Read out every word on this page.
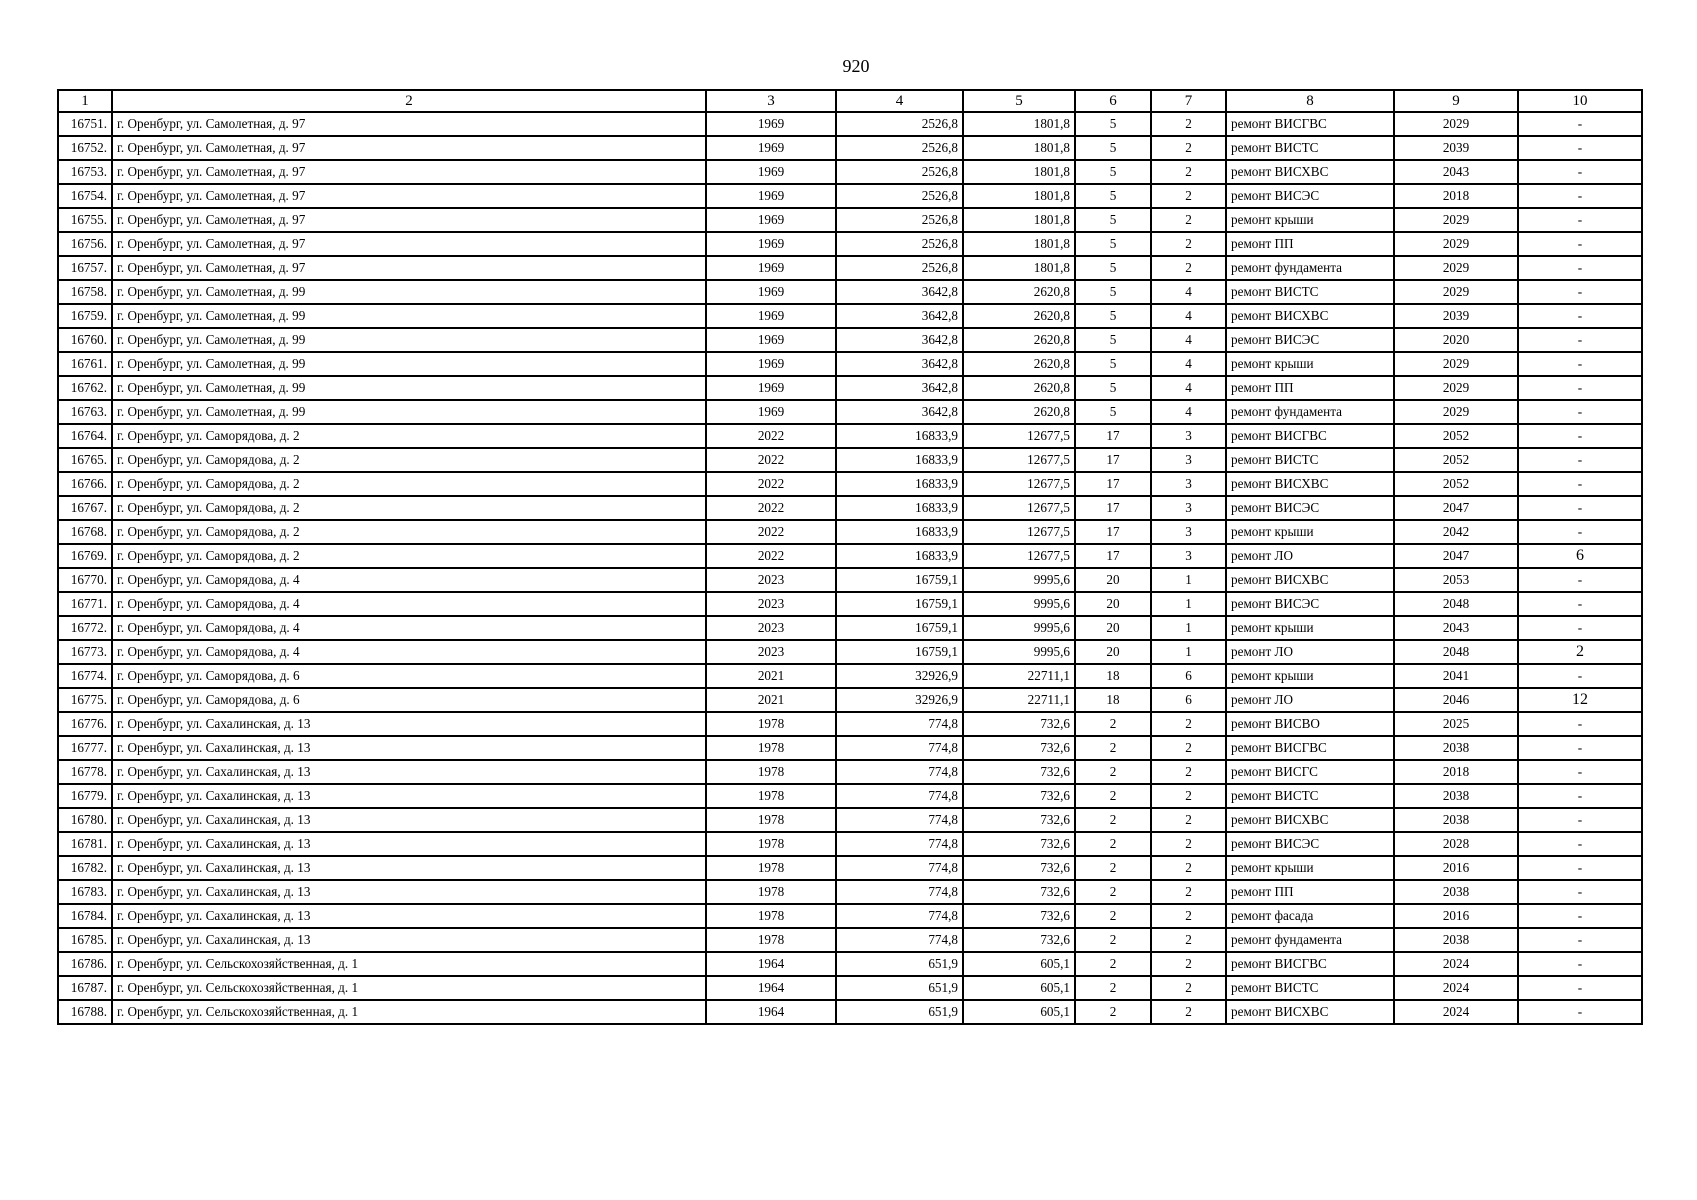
920
1	2	3	4	5	6	7	8	9	10
16751.	г. Оренбург, ул. Самолетная, д. 97	1969	2526,8	1801,8	5	2	ремонт ВИСГВС	2029	-
16752.	г. Оренбург, ул. Самолетная, д. 97	1969	2526,8	1801,8	5	2	ремонт ВИСТС	2039	-
16753.	г. Оренбург, ул. Самолетная, д. 97	1969	2526,8	1801,8	5	2	ремонт ВИСХВС	2043	-
16754.	г. Оренбург, ул. Самолетная, д. 97	1969	2526,8	1801,8	5	2	ремонт ВИСЭС	2018	-
16755.	г. Оренбург, ул. Самолетная, д. 97	1969	2526,8	1801,8	5	2	ремонт крыши	2029	-
16756.	г. Оренбург, ул. Самолетная, д. 97	1969	2526,8	1801,8	5	2	ремонт ПП	2029	-
16757.	г. Оренбург, ул. Самолетная, д. 97	1969	2526,8	1801,8	5	2	ремонт фундамента	2029	-
16758.	г. Оренбург, ул. Самолетная, д. 99	1969	3642,8	2620,8	5	4	ремонт ВИСТС	2029	-
16759.	г. Оренбург, ул. Самолетная, д. 99	1969	3642,8	2620,8	5	4	ремонт ВИСХВС	2039	-
16760.	г. Оренбург, ул. Самолетная, д. 99	1969	3642,8	2620,8	5	4	ремонт ВИСЭС	2020	-
16761.	г. Оренбург, ул. Самолетная, д. 99	1969	3642,8	2620,8	5	4	ремонт крыши	2029	-
16762.	г. Оренбург, ул. Самолетная, д. 99	1969	3642,8	2620,8	5	4	ремонт ПП	2029	-
16763.	г. Оренбург, ул. Самолетная, д. 99	1969	3642,8	2620,8	5	4	ремонт фундамента	2029	-
16764.	г. Оренбург, ул. Саморядова, д. 2	2022	16833,9	12677,5	17	3	ремонт ВИСГВС	2052	-
16765.	г. Оренбург, ул. Саморядова, д. 2	2022	16833,9	12677,5	17	3	ремонт ВИСТС	2052	-
16766.	г. Оренбург, ул. Саморядова, д. 2	2022	16833,9	12677,5	17	3	ремонт ВИСХВС	2052	-
16767.	г. Оренбург, ул. Саморядова, д. 2	2022	16833,9	12677,5	17	3	ремонт ВИСЭС	2047	-
16768.	г. Оренбург, ул. Саморядова, д. 2	2022	16833,9	12677,5	17	3	ремонт крыши	2042	-
16769.	г. Оренбург, ул. Саморядова, д. 2	2022	16833,9	12677,5	17	3	ремонт ЛО	2047	6
16770.	г. Оренбург, ул. Саморядова, д. 4	2023	16759,1	9995,6	20	1	ремонт ВИСХВС	2053	-
16771.	г. Оренбург, ул. Саморядова, д. 4	2023	16759,1	9995,6	20	1	ремонт ВИСЭС	2048	-
16772.	г. Оренбург, ул. Саморядова, д. 4	2023	16759,1	9995,6	20	1	ремонт крыши	2043	-
16773.	г. Оренбург, ул. Саморядова, д. 4	2023	16759,1	9995,6	20	1	ремонт ЛО	2048	2
16774.	г. Оренбург, ул. Саморядова, д. 6	2021	32926,9	22711,1	18	6	ремонт крыши	2041	-
16775.	г. Оренбург, ул. Саморядова, д. 6	2021	32926,9	22711,1	18	6	ремонт ЛО	2046	12
16776.	г. Оренбург, ул. Сахалинская, д. 13	1978	774,8	732,6	2	2	ремонт ВИСВО	2025	-
16777.	г. Оренбург, ул. Сахалинская, д. 13	1978	774,8	732,6	2	2	ремонт ВИСГВС	2038	-
16778.	г. Оренбург, ул. Сахалинская, д. 13	1978	774,8	732,6	2	2	ремонт ВИСГС	2018	-
16779.	г. Оренбург, ул. Сахалинская, д. 13	1978	774,8	732,6	2	2	ремонт ВИСТС	2038	-
16780.	г. Оренбург, ул. Сахалинская, д. 13	1978	774,8	732,6	2	2	ремонт ВИСХВС	2038	-
16781.	г. Оренбург, ул. Сахалинская, д. 13	1978	774,8	732,6	2	2	ремонт ВИСЭС	2028	-
16782.	г. Оренбург, ул. Сахалинская, д. 13	1978	774,8	732,6	2	2	ремонт крыши	2016	-
16783.	г. Оренбург, ул. Сахалинская, д. 13	1978	774,8	732,6	2	2	ремонт ПП	2038	-
16784.	г. Оренбург, ул. Сахалинская, д. 13	1978	774,8	732,6	2	2	ремонт фасада	2016	-
16785.	г. Оренбург, ул. Сахалинская, д. 13	1978	774,8	732,6	2	2	ремонт фундамента	2038	-
16786.	г. Оренбург, ул. Сельскохозяйственная, д. 1	1964	651,9	605,1	2	2	ремонт ВИСГВС	2024	-
16787.	г. Оренбург, ул. Сельскохозяйственная, д. 1	1964	651,9	605,1	2	2	ремонт ВИСТС	2024	-
16788.	г. Оренбург, ул. Сельскохозяйственная, д. 1	1964	651,9	605,1	2	2	ремонт ВИСХВС	2024	-
